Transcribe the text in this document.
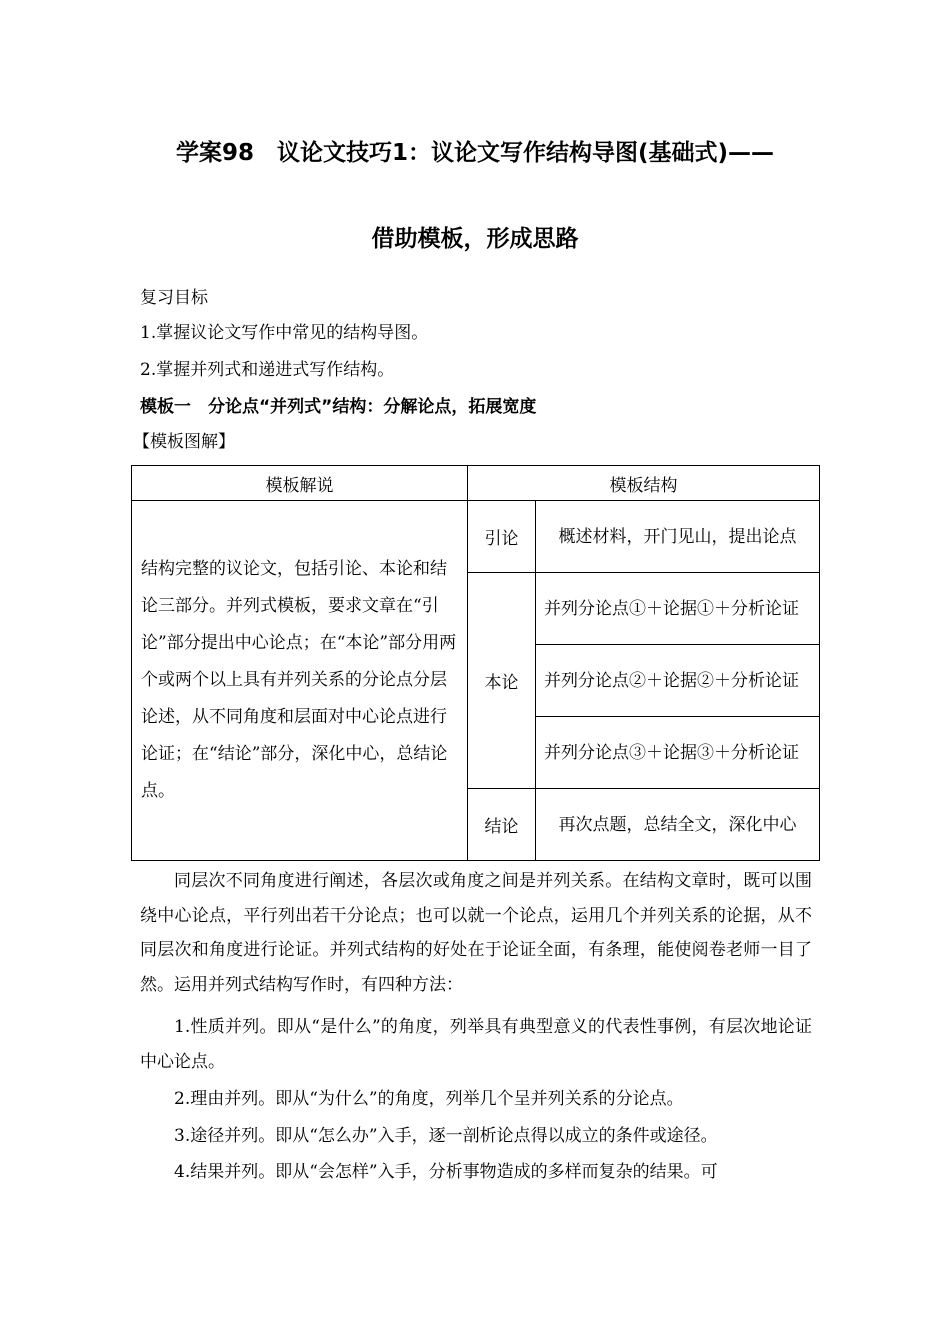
学案98　议论文技巧1：议论文写作结构导图(基础式)——
借助模板，形成思路
复习目标
1.掌握议论文写作中常见的结构导图。
2.掌握并列式和递进式写作结构。
模板一　分论点“并列式”结构：分解论点，拓展宽度
【模板图解】
模板解说	模板结构	
结构完整的议论文，包括引论、本论和结论三部分。并列式模板，要求文章在“引论”部分提出中心论点；在“本论”部分用两个或两个以上具有并列关系的分论点分层论述，从不同角度和层面对中心论点进行论证；在“结论”部分，深化中心，总结论点。	引论	概述材料，开门见山，提出论点
	本论	并列分论点①＋论据①＋分析论证
		并列分论点②＋论据②＋分析论证
		并列分论点③＋论据③＋分析论证
	结论	再次点题，总结全文，深化中心
同层次不同角度进行阐述，各层次或角度之间是并列关系。在结构文章时，既可以围绕中心论点，平行列出若干分论点；也可以就一个论点，运用几个并列关系的论据，从不同层次和角度进行论证。并列式结构的好处在于论证全面，有条理，能使阅卷老师一目了然。运用并列式结构写作时，有四种方法：
1.性质并列。即从“是什么”的角度，列举具有典型意义的代表性事例，有层次地论证中心论点。
2.理由并列。即从“为什么”的角度，列举几个呈并列关系的分论点。
3.途径并列。即从“怎么办”入手，逐一剖析论点得以成立的条件或途径。
4.结果并列。即从“会怎样”入手，分析事物造成的多样而复杂的结果。可
